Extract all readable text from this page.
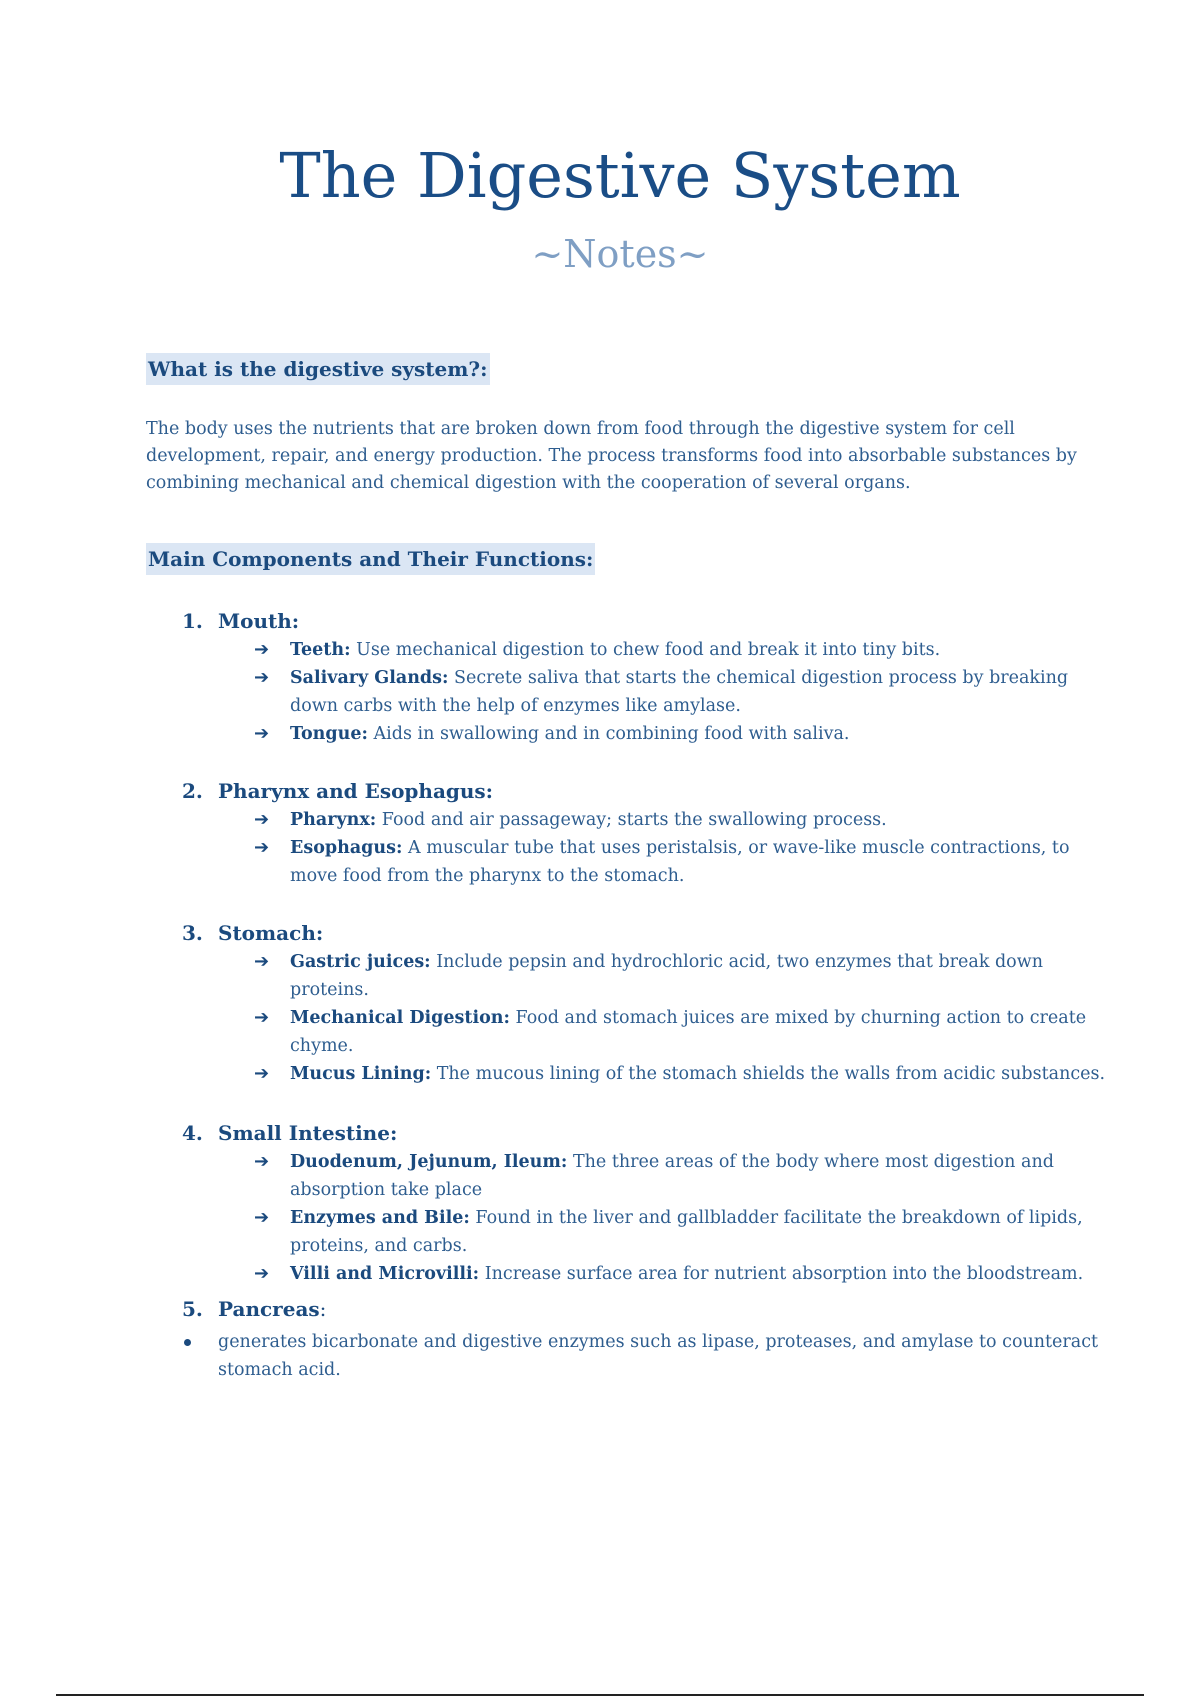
The Digestive System
~Notes~
What is the digestive system?:

The body uses the nutrients that are broken down from food through the digestive system for cell development, repair, and energy production. The process transforms food into absorbable substances by combining mechanical and chemical digestion with the cooperation of several organs.

Main Components and Their Functions:
1. Mouth:
➔ Teeth: Use mechanical digestion to chew food and break it into tiny bits.
➔ Salivary Glands: Secrete saliva that starts the chemical digestion process by breaking down carbs with the help of enzymes like amylase.
➔ Tongue: Aids in swallowing and in combining food with saliva.
2. Pharynx and Esophagus:
➔ Pharynx: Food and air passageway; starts the swallowing process.
➔ Esophagus: A muscular tube that uses peristalsis, or wave-like muscle contractions, to move food from the pharynx to the stomach.
3. Stomach:
➔ Gastric juices: Include pepsin and hydrochloric acid, two enzymes that break down proteins.
➔ Mechanical Digestion: Food and stomach juices are mixed by churning action to create chyme.
➔ Mucus Lining: The mucous lining of the stomach shields the walls from acidic substances.
4. Small Intestine:
➔ Duodenum, Jejunum, Ileum: The three areas of the body where most digestion and absorption take place
➔ Enzymes and Bile: Found in the liver and gallbladder facilitate the breakdown of lipids, proteins, and carbs.
➔ Villi and Microvilli: Increase surface area for nutrient absorption into the bloodstream.
5. Pancreas:
generates bicarbonate and digestive enzymes such as lipase, proteases, and amylase to counteract stomach acid.
